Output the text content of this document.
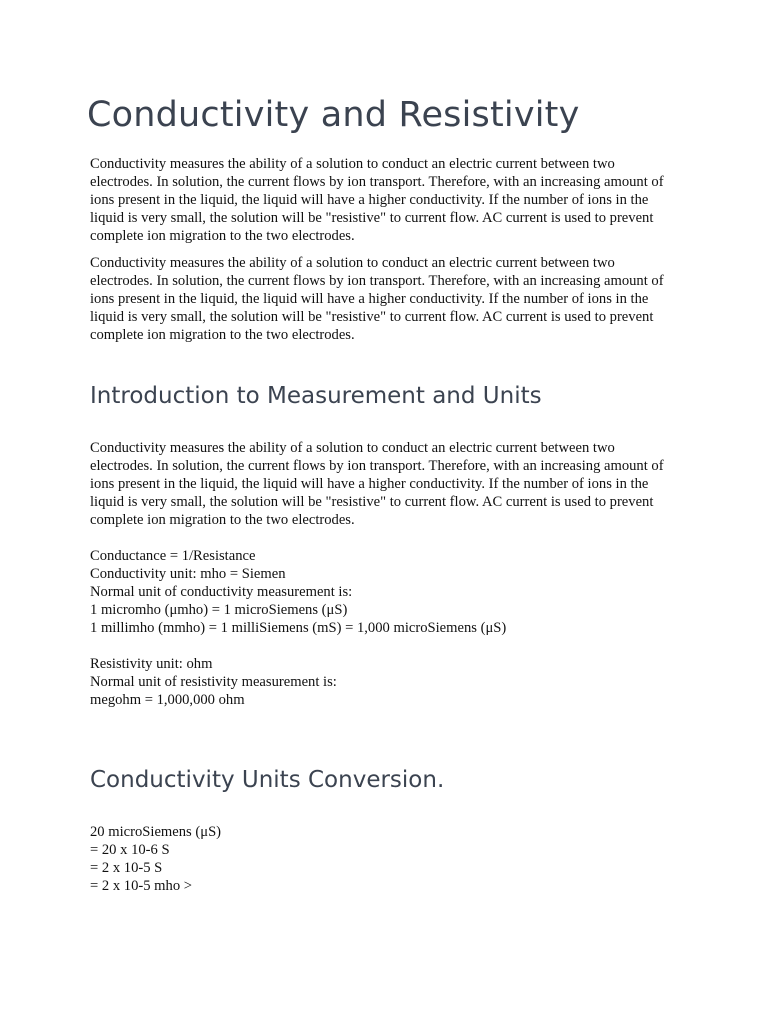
Conductivity and Resistivity

Conductivity measures the ability of a solution to conduct an electric current between two electrodes. In solution, the current flows by ion transport. Therefore, with an increasing amount of ions present in the liquid, the liquid will have a higher conductivity. If the number of ions in the liquid is very small, the solution will be "resistive" to current flow. AC current is used to prevent complete ion migration to the two electrodes.

Conductivity measures the ability of a solution to conduct an electric current between two electrodes. In solution, the current flows by ion transport. Therefore, with an increasing amount of ions present in the liquid, the liquid will have a higher conductivity. If the number of ions in the liquid is very small, the solution will be "resistive" to current flow. AC current is used to prevent complete ion migration to the two electrodes.

Introduction to Measurement and Units

Conductivity measures the ability of a solution to conduct an electric current between two electrodes. In solution, the current flows by ion transport. Therefore, with an increasing amount of ions present in the liquid, the liquid will have a higher conductivity. If the number of ions in the liquid is very small, the solution will be "resistive" to current flow. AC current is used to prevent complete ion migration to the two electrodes.

Conductance = 1/Resistance
Conductivity unit: mho = Siemen
Normal unit of conductivity measurement is:
1 micromho (μmho) = 1 microSiemens (μS)
1 millimho (mmho) = 1 milliSiemens (mS) = 1,000 microSiemens (μS)
Resistivity unit: ohm
Normal unit of resistivity measurement is:
megohm = 1,000,000 ohm
Conductivity Units Conversion.
20 microSiemens (μS)
= 20 x 10-6 S
= 2 x 10-5 S
= 2 x 10-5 mho >
